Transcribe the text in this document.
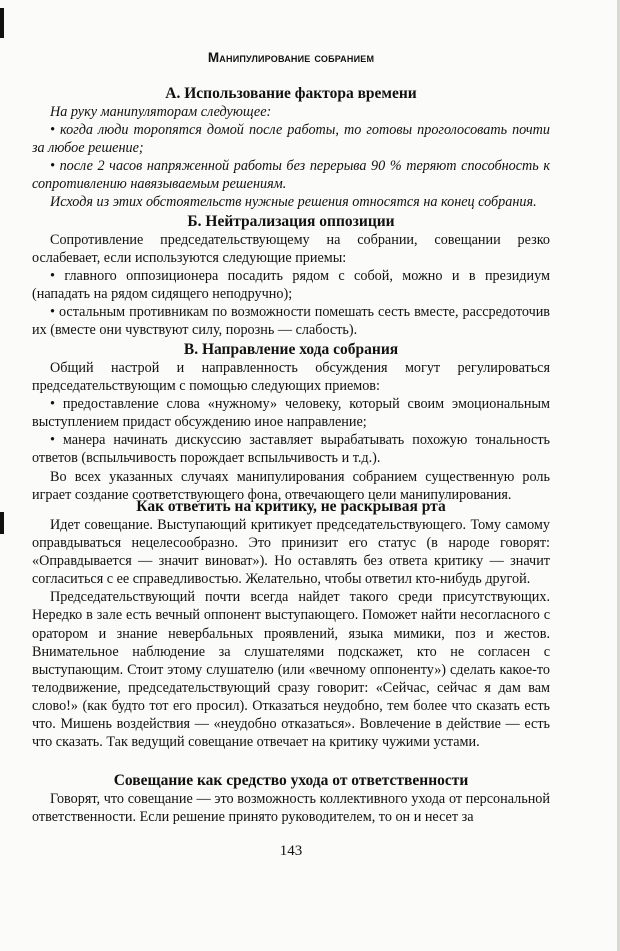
Манипулирование собранием
А. Использование фактора времени

На руку манипуляторам следующее:

• когда люди торопятся домой после работы, то готовы проголосовать почти за любое решение;

• после 2 часов напряженной работы без перерыва 90 % теряют способность к сопротивлению навязываемым решениям.

Исходя из этих обстоятельств нужные решения относятся на конец собрания.

Б. Нейтрализация оппозиции

Сопротивление председательствующему на собрании, совещании резко ослабевает, если используются следующие приемы:

• главного оппозиционера посадить рядом с собой, можно и в президиум (нападать на рядом сидящего неподручно);

• остальным противникам по возможности помешать сесть вместе, рассредоточив их (вместе они чувствуют силу, порознь — слабость).

В. Направление хода собрания

Общий настрой и направленность обсуждения могут регулироваться председательствующим с помощью следующих приемов:

• предоставление слова «нужному» человеку, который своим эмоциональным выступлением придаст обсуждению иное направление;

• манера начинать дискуссию заставляет вырабатывать похожую тональность ответов (вспыльчивость порождает вспыльчивость и т.д.).

Во всех указанных случаях манипулирования собранием существенную роль играет создание соответствующего фона, отвечающего цели манипулирования.

Как ответить на критику, не раскрывая рта

Идет совещание. Выступающий критикует председательствующего. Тому самому оправдываться нецелесообразно. Это принизит его статус (в народе говорят: «Оправдывается — значит виноват»). Но оставлять без ответа критику — значит согласиться с ее справедливостью. Желательно, чтобы ответил кто-нибудь другой.

Председательствующий почти всегда найдет такого среди присутствующих. Нередко в зале есть вечный оппонент выступающего. Поможет найти несогласного с оратором и знание невербальных проявлений, языка мимики, поз и жестов. Внимательное наблюдение за слушателями подскажет, кто не согласен с выступающим. Стоит этому слушателю (или «вечному оппоненту») сделать какое-то телодвижение, председательствующий сразу говорит: «Сейчас, сейчас я дам вам слово!» (как будто тот его просил). Отказаться неудобно, тем более что сказать есть что. Мишень воздействия — «неудобно отказаться». Вовлечение в действие — есть что сказать. Так ведущий совещание отвечает на критику чужими устами.

Совещание как средство ухода от ответственности

Говорят, что совещание — это возможность коллективного ухода от персональной ответственности. Если решение принято руководителем, то он и несет за

143
